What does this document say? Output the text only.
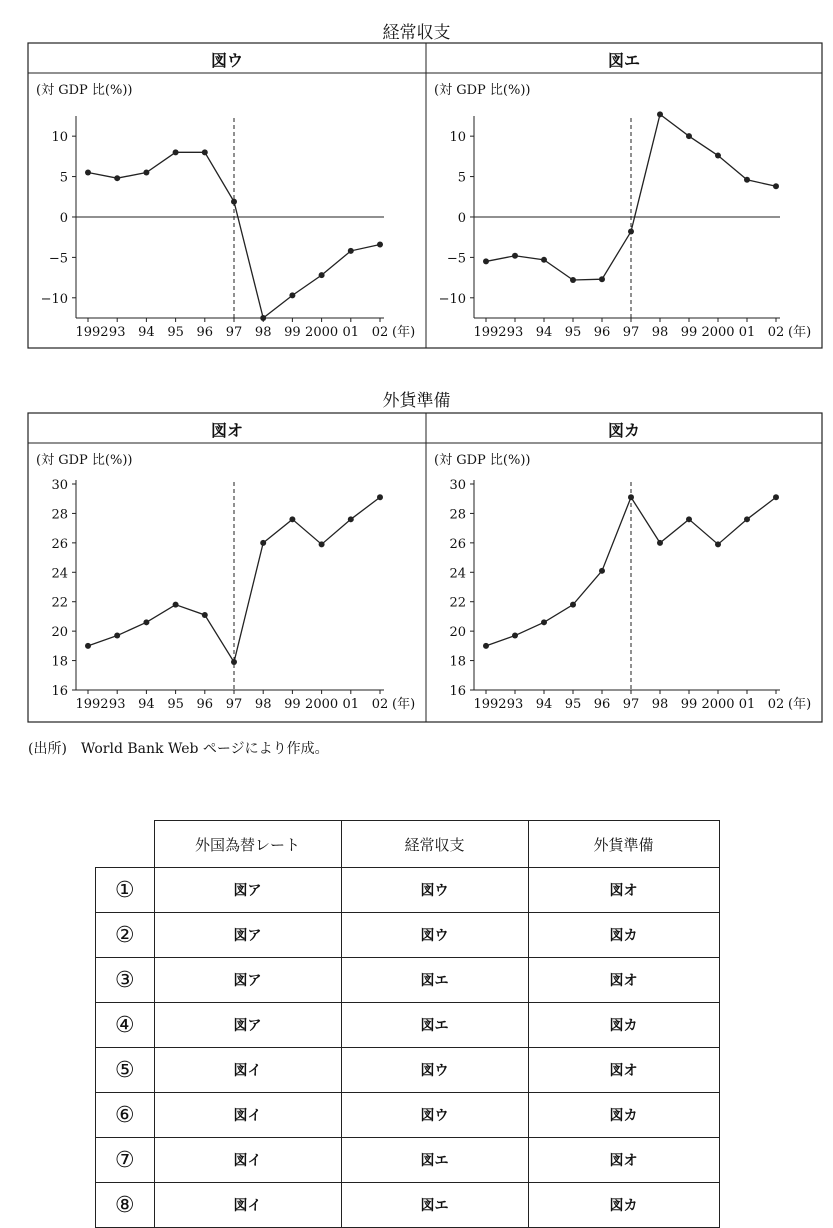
経常収支
図ウ
(対 GDP 比(%))
10
5
0
−5
−10
1992 93 94 95 96 97 98 99 2000 01 02 (年)
図エ
(対 GDP 比(%))
10
5
0
−5
−10
1992 93 94 95 96 97 98 99 2000 01 02 (年)
外貨準備
図オ
(対 GDP 比(%))
30
28
26
24
22
20
18
16
1992 93 94 95 96 97 98 99 2000 01 02 (年)
図カ
(対 GDP 比(%))
30
28
26
24
22
20
18
16
1992 93 94 95 96 97 98 99 2000 01 02 (年)
(出所)　World Bank Web ページにより作成。
	外国為替レート	経常収支	外貨準備
①	図ア	図ウ	図オ
②	図ア	図ウ	図カ
③	図ア	図エ	図オ
④	図ア	図エ	図カ
⑤	図イ	図ウ	図オ
⑥	図イ	図ウ	図カ
⑦	図イ	図エ	図オ
⑧	図イ	図エ	図カ
